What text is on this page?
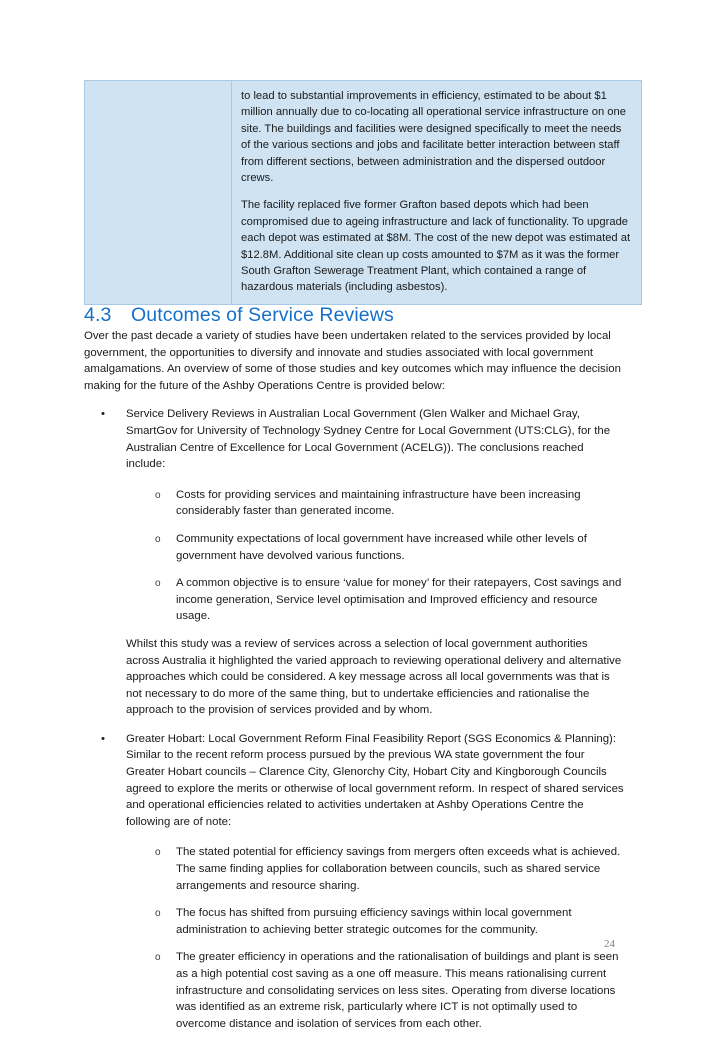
to lead to substantial improvements in efficiency, estimated to be about $1 million annually due to co-locating all operational service infrastructure on one site. The buildings and facilities were designed specifically to meet the needs of the various sections and jobs and facilitate better interaction between staff from different sections, between administration and the dispersed outdoor crews.

The facility replaced five former Grafton based depots which had been compromised due to ageing infrastructure and lack of functionality. To upgrade each depot was estimated at $8M. The cost of the new depot was estimated at $12.8M. Additional site clean up costs amounted to $7M as it was the former South Grafton Sewerage Treatment Plant, which contained a range of hazardous materials (including asbestos).

4.3 Outcomes of Service Reviews

Over the past decade a variety of studies have been undertaken related to the services provided by local government, the opportunities to diversify and innovate and studies associated with local government amalgamations. An overview of some of those studies and key outcomes which may influence the decision making for the future of the Ashby Operations Centre is provided below:

• Service Delivery Reviews in Australian Local Government (Glen Walker and Michael Gray, SmartGov for University of Technology Sydney Centre for Local Government (UTS:CLG), for the Australian Centre of Excellence for Local Government (ACELG)). The conclusions reached include:
o Costs for providing services and maintaining infrastructure have been increasing considerably faster than generated income.
o Community expectations of local government have increased while other levels of government have devolved various functions.
o A common objective is to ensure ‘value for money’ for their ratepayers, Cost savings and income generation, Service level optimisation and Improved efficiency and resource usage.

Whilst this study was a review of services across a selection of local government authorities across Australia it highlighted the varied approach to reviewing operational delivery and alternative approaches which could be considered. A key message across all local governments was that is not necessary to do more of the same thing, but to undertake efficiencies and rationalise the approach to the provision of services provided and by whom.

• Greater Hobart: Local Government Reform Final Feasibility Report (SGS Economics & Planning): Similar to the recent reform process pursued by the previous WA state government the four Greater Hobart councils – Clarence City, Glenorchy City, Hobart City and Kingborough Councils agreed to explore the merits or otherwise of local government reform. In respect of shared services and operational efficiencies related to activities undertaken at Ashby Operations Centre the following are of note:
o The stated potential for efficiency savings from mergers often exceeds what is achieved. The same finding applies for collaboration between councils, such as shared service arrangements and resource sharing.
o The focus has shifted from pursuing efficiency savings within local government administration to achieving better strategic outcomes for the community.
o The greater efficiency in operations and the rationalisation of buildings and plant is seen as a high potential cost saving as a one off measure. This means rationalising current infrastructure and consolidating services on less sites. Operating from diverse locations was identified as an extreme risk, particularly where ICT is not optimally used to overcome distance and isolation of services from each other.
24
